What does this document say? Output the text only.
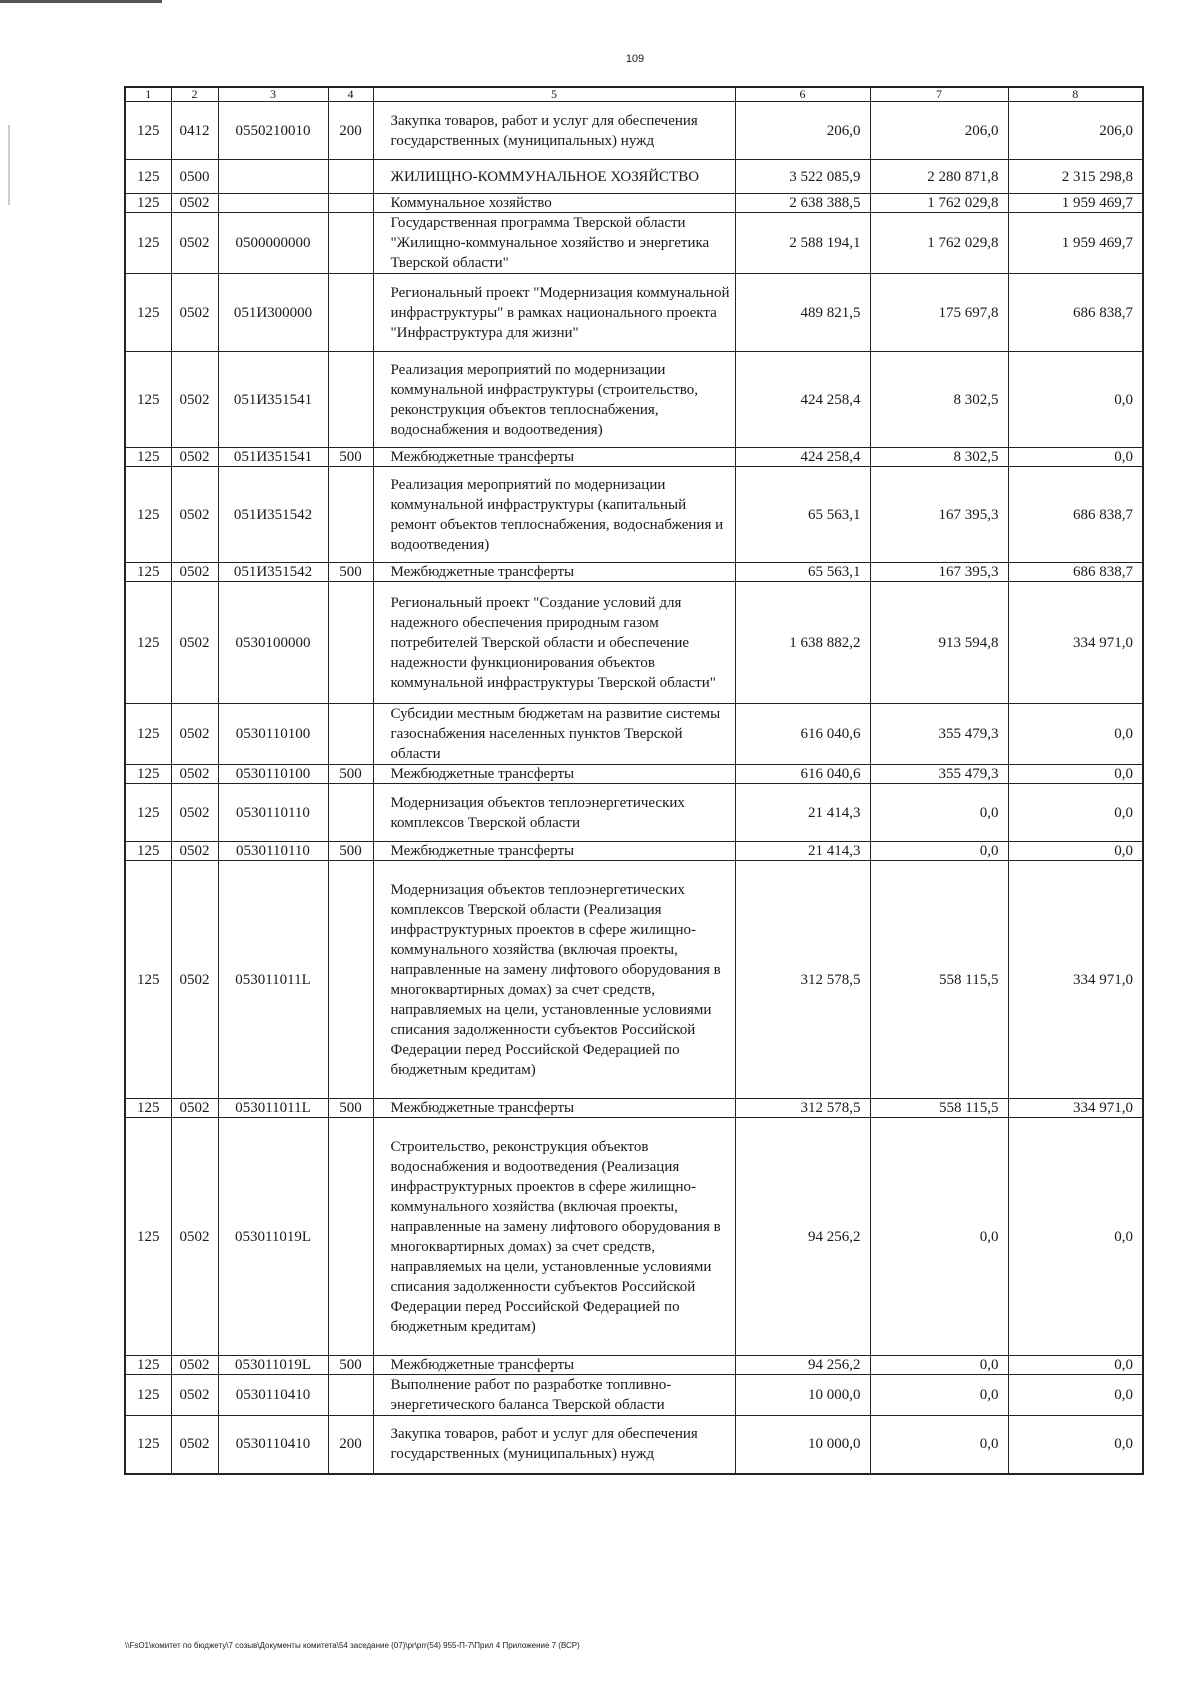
109
1	2	3	4	5	6	7	8
125	0412	0550210010	200	Закупка товаров, работ и услуг для обеспечения государственных (муниципальных) нужд	206,0	206,0	206,0
125	0500			ЖИЛИЩНО-КОММУНАЛЬНОЕ ХОЗЯЙСТВО	3 522 085,9	2 280 871,8	2 315 298,8
125	0502			Коммунальное хозяйство	2 638 388,5	1 762 029,8	1 959 469,7
125	0502	0500000000		Государственная программа Тверской области "Жилищно-коммунальное хозяйство и энергетика Тверской области"	2 588 194,1	1 762 029,8	1 959 469,7
125	0502	051И300000		Региональный проект "Модернизация коммунальной инфраструктуры" в рамках национального проекта "Инфраструктура для жизни"	489 821,5	175 697,8	686 838,7
125	0502	051И351541		Реализация мероприятий по модернизации коммунальной инфраструктуры (строительство, реконструкция объектов теплоснабжения, водоснабжения и водоотведения)	424 258,4	8 302,5	0,0
125	0502	051И351541	500	Межбюджетные трансферты	424 258,4	8 302,5	0,0
125	0502	051И351542		Реализация мероприятий по модернизации коммунальной инфраструктуры (капитальный ремонт объектов теплоснабжения, водоснабжения и водоотведения)	65 563,1	167 395,3	686 838,7
125	0502	051И351542	500	Межбюджетные трансферты	65 563,1	167 395,3	686 838,7
125	0502	0530100000		Региональный проект "Создание условий для надежного обеспечения природным газом потребителей Тверской области и обеспечение надежности функционирования объектов коммунальной инфраструктуры Тверской области"	1 638 882,2	913 594,8	334 971,0
125	0502	0530110100		Субсидии местным бюджетам на развитие системы газоснабжения населенных пунктов Тверской области	616 040,6	355 479,3	0,0
125	0502	0530110100	500	Межбюджетные трансферты	616 040,6	355 479,3	0,0
125	0502	0530110110		Модернизация объектов теплоэнергетических комплексов Тверской области	21 414,3	0,0	0,0
125	0502	0530110110	500	Межбюджетные трансферты	21 414,3	0,0	0,0
125	0502	053011011L		Модернизация объектов теплоэнергетических комплексов Тверской области (Реализация инфраструктурных проектов в сфере жилищно-коммунального хозяйства (включая проекты, направленные на замену лифтового оборудования в многоквартирных домах) за счет средств, направляемых на цели, установленные условиями списания задолженности субъектов Российской Федерации перед Российской Федерацией по бюджетным кредитам)	312 578,5	558 115,5	334 971,0
125	0502	053011011L	500	Межбюджетные трансферты	312 578,5	558 115,5	334 971,0
125	0502	053011019L		Строительство, реконструкция объектов водоснабжения и водоотведения (Реализация инфраструктурных проектов в сфере жилищно-коммунального хозяйства (включая проекты, направленные на замену лифтового оборудования в многоквартирных домах) за счет средств, направляемых на цели, установленные условиями списания задолженности субъектов Российской Федерации перед Российской Федерацией по бюджетным кредитам)	94 256,2	0,0	0,0
125	0502	053011019L	500	Межбюджетные трансферты	94 256,2	0,0	0,0
125	0502	0530110410		Выполнение работ по разработке топливно-энергетического баланса Тверской области	10 000,0	0,0	0,0
125	0502	0530110410	200	Закупка товаров, работ и услуг для обеспечения государственных (муниципальных) нужд	10 000,0	0,0	0,0
\\FsO1\комитет по бюджету\7 созыв\Документы комитета\54 заседание (07)\pr\prr(54) 955-П-7\Прил 4 Приложение 7 (ВСР)
